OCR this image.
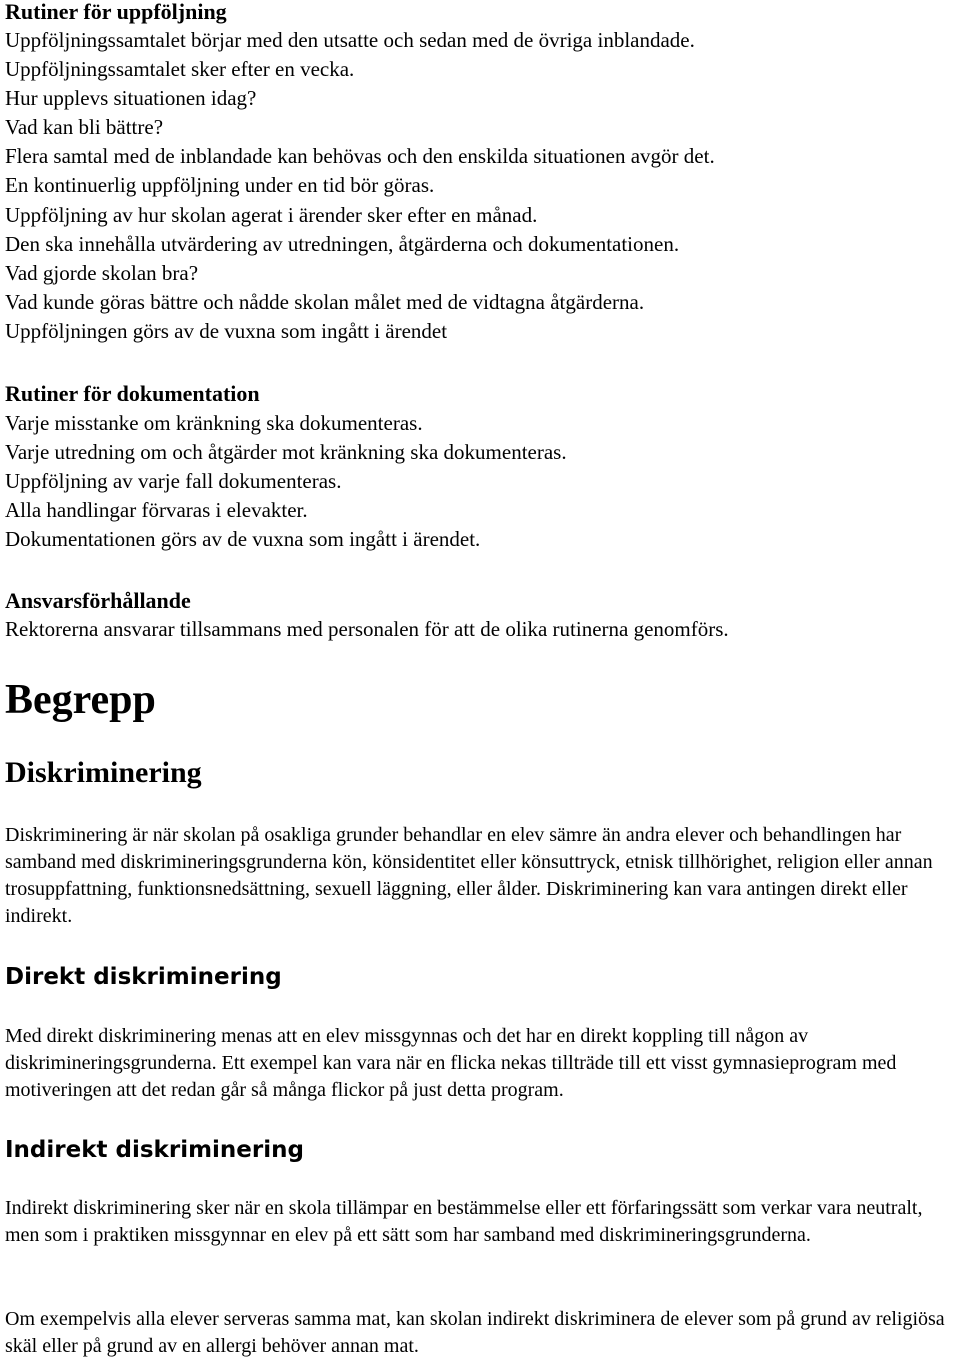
Rutiner för uppföljning
Uppföljningssamtalet börjar med den utsatte och sedan med de övriga inblandade.
Uppföljningssamtalet sker efter en vecka.
Hur upplevs situationen idag?
Vad kan bli bättre?
Flera samtal med de inblandade kan behövas och den enskilda situationen avgör det.
En kontinuerlig uppföljning under en tid bör göras.
Uppföljning av hur skolan agerat i ärender sker efter en månad.
Den ska innehålla utvärdering av utredningen, åtgärderna och dokumentationen.
Vad gjorde skolan bra?
Vad kunde göras bättre och nådde skolan målet med de vidtagna åtgärderna.
Uppföljningen görs av de vuxna som ingått i ärendet
Rutiner för dokumentation
Varje misstanke om kränkning ska dokumenteras.
Varje utredning om och åtgärder mot kränkning ska dokumenteras.
Uppföljning av varje fall dokumenteras.
Alla handlingar förvaras i elevakter.
Dokumentationen görs av de vuxna som ingått i ärendet.
Ansvarsförhållande
Rektorerna ansvarar tillsammans med personalen för att de olika rutinerna genomförs.
Begrepp
Diskriminering
Diskriminering är när skolan på osakliga grunder behandlar en elev sämre än andra elever och behandlingen har samband med diskrimineringsgrunderna kön, könsidentitet eller könsuttryck, etnisk tillhörighet, religion eller annan trosuppfattning, funktionsnedsättning, sexuell läggning, eller ålder. Diskriminering kan vara antingen direkt eller indirekt.
Direkt diskriminering
Med direkt diskriminering menas att en elev missgynnas och det har en direkt koppling till någon av diskrimineringsgrunderna. Ett exempel kan vara när en flicka nekas tillträde till ett visst gymnasieprogram med motiveringen att det redan går så många flickor på just detta program.
Indirekt diskriminering
Indirekt diskriminering sker när en skola tillämpar en bestämmelse eller ett förfaringssätt som verkar vara neutralt, men som i praktiken missgynnar en elev på ett sätt som har samband med diskrimineringsgrunderna.
Om exempelvis alla elever serveras samma mat, kan skolan indirekt diskriminera de elever som på grund av religiösa skäl eller på grund av en allergi behöver annan mat.
